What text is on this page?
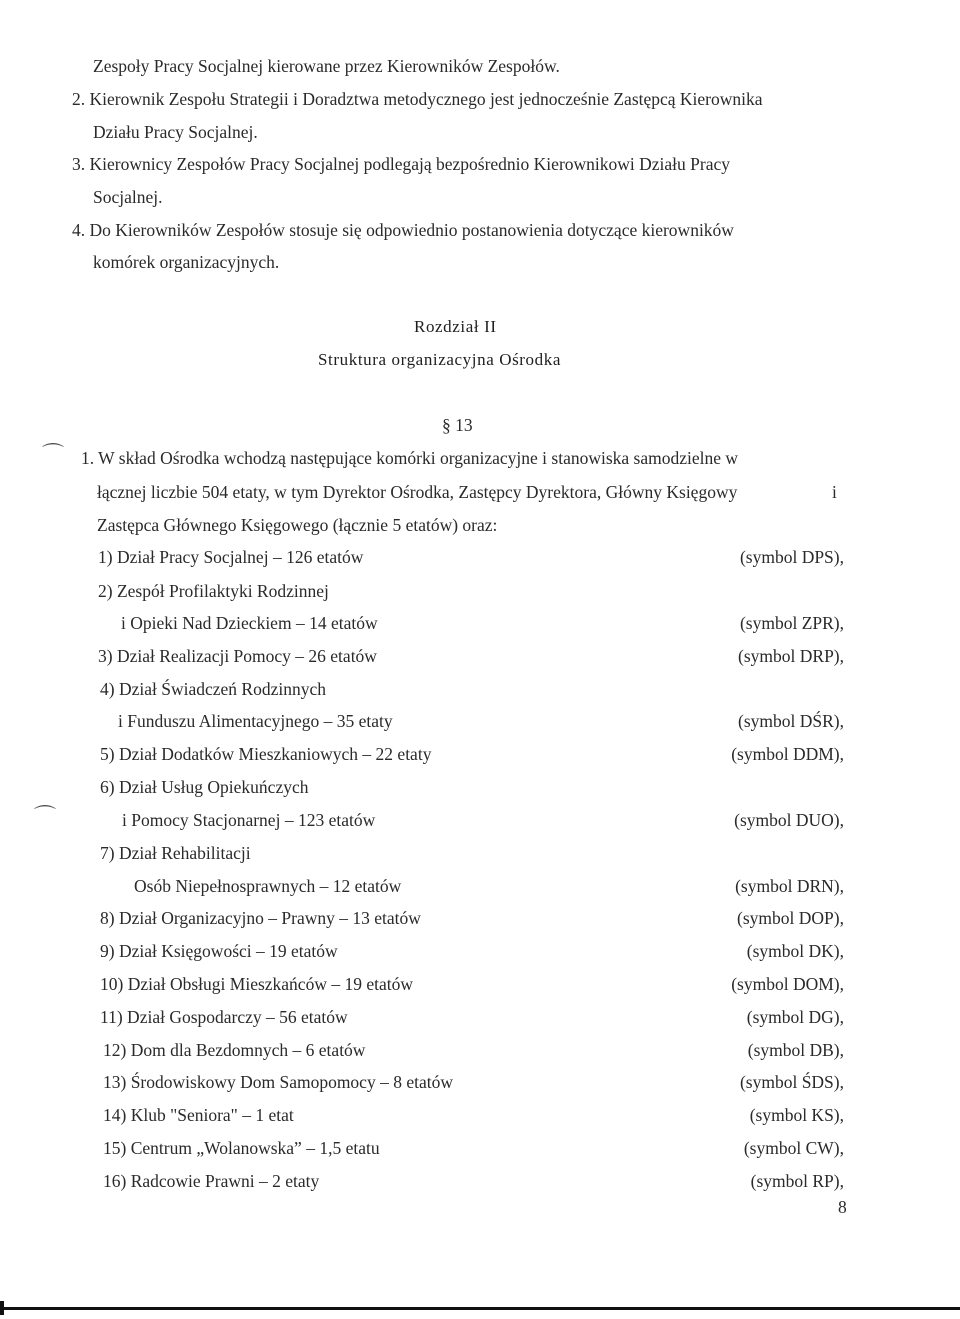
Zespoły Pracy Socjalnej kierowane przez Kierowników Zespołów.
2. Kierownik Zespołu Strategii i Doradztwa metodycznego jest jednocześnie Zastępcą Kierownika
Działu Pracy Socjalnej.
3. Kierownicy Zespołów Pracy Socjalnej podlegają bezpośrednio Kierownikowi Działu Pracy
Socjalnej.
4. Do Kierowników Zespołów stosuje się odpowiednio postanowienia dotyczące kierowników
komórek organizacyjnych.
Rozdział II
Struktura organizacyjna Ośrodka
§ 13
⌒ 1. W skład Ośrodka wchodzą następujące komórki organizacyjne i stanowiska samodzielne w
łącznej liczbie 504 etaty, w tym Dyrektor Ośrodka, Zastępcy Dyrektora, Główny Księgowy	i
Zastępca Głównego Księgowego (łącznie 5 etatów) oraz:
1) Dział Pracy Socjalnej – 126 etatów	(symbol DPS),
2) Zespół Profilaktyki Rodzinnej
i Opieki Nad Dzieckiem – 14 etatów	(symbol ZPR),
3) Dział Realizacji Pomocy – 26 etatów	(symbol DRP),
4) Dział Świadczeń Rodzinnych
i Funduszu Alimentacyjnego – 35 etaty	(symbol DŚR),
5) Dział Dodatków Mieszkaniowych – 22 etaty	(symbol DDM),
6) Dział Usług Opiekuńczych
⌒	i Pomocy Stacjonarnej – 123 etatów	(symbol DUO),
7) Dział Rehabilitacji
Osób Niepełnosprawnych – 12 etatów	(symbol DRN),
8) Dział Organizacyjno – Prawny – 13 etatów	(symbol DOP),
9) Dział Księgowości – 19 etatów	(symbol DK),
10) Dział Obsługi Mieszkańców – 19 etatów	(symbol DOM),
11) Dział Gospodarczy – 56 etatów	(symbol DG),
12) Dom dla Bezdomnych – 6 etatów	(symbol DB),
13) Środowiskowy Dom Samopomocy – 8 etatów	(symbol ŚDS),
14) Klub "Seniora" – 1 etat	(symbol KS),
15) Centrum „Wolanowska” – 1,5 etatu	(symbol CW),
16) Radcowie Prawni – 2 etaty	(symbol RP),
8
